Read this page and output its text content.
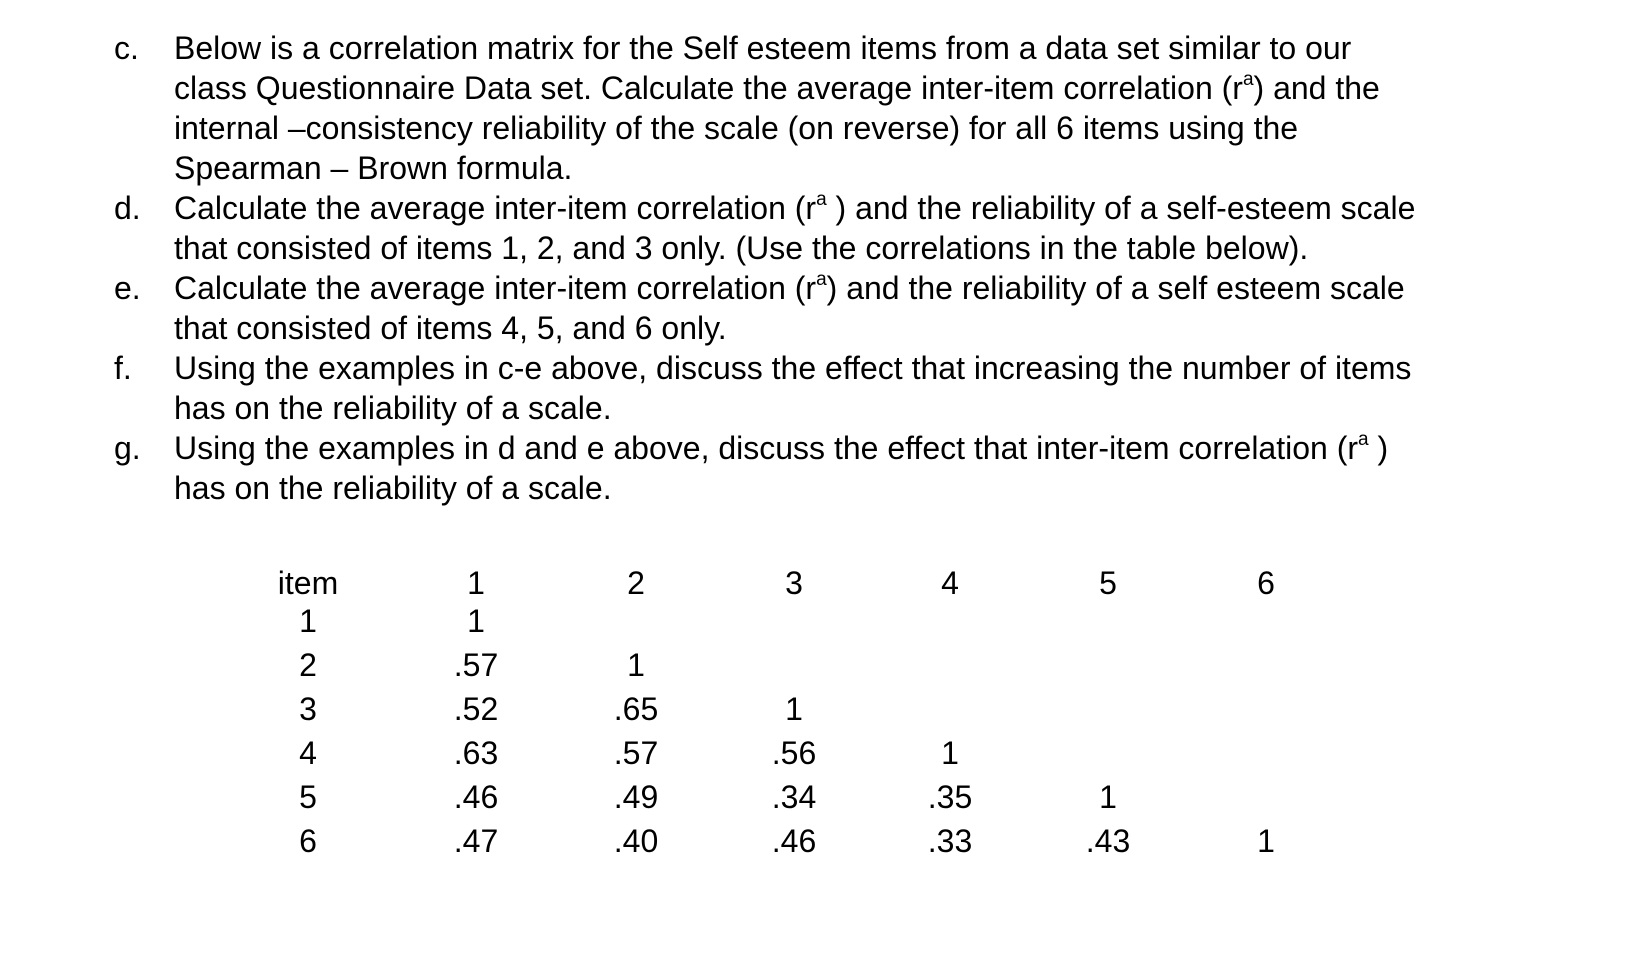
c.	Below is a correlation matrix for the Self esteem items from a data set similar to our
class Questionnaire Data set. Calculate the average inter-item correlation $(r^a)$ and the
internal –consistency reliability of the scale (on reverse) for all 6 items using the
Spearman – Brown formula.
d.	Calculate the average inter-item correlation ($r^a$ ) and the reliability of a self-esteem scale
that consisted of items 1, 2, and 3 only. (Use the correlations in the table below).
e.	Calculate the average inter-item correlation $(r^a)$ and the reliability of a self esteem scale
that consisted of items 4, 5, and 6 only.
f.	Using the examples in c-e above, discuss the effect that increasing the number of items
has on the reliability of a scale.
g.	Using the examples in d and e above, discuss the effect that inter-item correlation ($r^a$ )
has on the reliability of a scale.
item	1	2	3	4	5	6
1	1
2	.57	1
3	.52	.65	1
4	.63	.57	.56	1
5	.46	.49	.34	.35	1
6	.47	.40	.46	.33	.43	1
